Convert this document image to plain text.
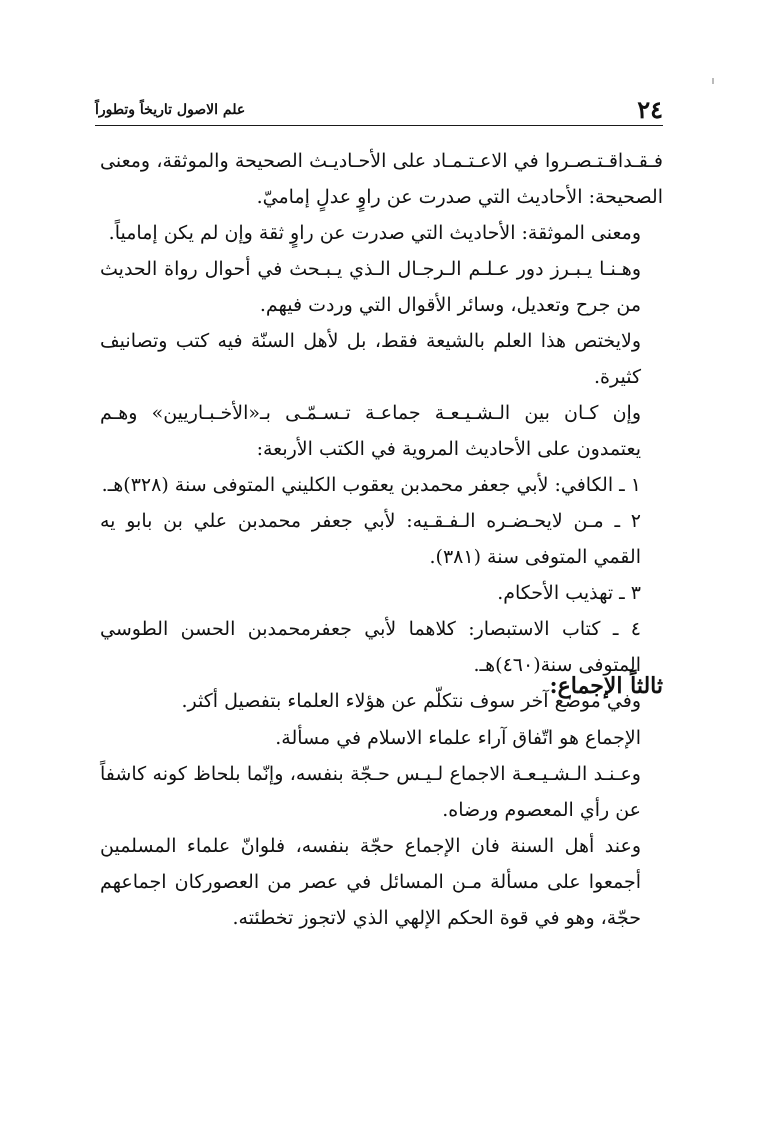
٢٤
علم الاصول تاريخاً وتطوراً

فـقـداقـتـصـروا في الاعـتـمـاد على الأحـاديـث الصحيحة والموثقة، ومعنى الصحيحة: الأحاديث التي صدرت عن راوٍ عدلٍ إماميّ.

ومعنى الموثقة: الأحاديث التي صدرت عن راوٍ ثقة وإن لم يكن إمامياً.

وهـنـا يـبـرز دور عـلـم الـرجـال الـذي يـبـحث في أحوال رواة الحديث من جرح وتعديل، وسائر الأقوال التي وردت فيهم.

ولايختص هذا العلم بالشيعة فقط، بل لأهل السنّة فيه كتب وتصانيف كثيرة.

وإن كـان بين الـشـيـعـة جماعـة تـسـمّـى بـ«الأخـبـاريين» وهـم يعتمدون على الأحاديث المروية في الكتب الأربعة:

١ ـ الكافي: لأبي جعفر محمدبن يعقوب الكليني المتوفى سنة (٣٢٨)هـ.

٢ ـ مـن لايحـضـره الـفـقـيه: لأبي جعفر محمدبن علي بن بابو يه القمي المتوفى سنة (٣٨١).

٣ ـ تهذيب الأحكام.

٤ ـ كتاب الاستبصار: كلاهما لأبي جعفرمحمدبن الحسن الطوسي المتوفى سنة(٤٦٠)هـ.

وفي موضع آخر سوف نتكلّم عن هؤلاء العلماء بتفصيل أكثر.

ثالثاً الإجماع:

الإجماع هو اتّفاق آراء علماء الاسلام في مسألة.

وعـنـد الـشـيـعـة الاجماع لـيـس حـجّة بنفسه، وإنّما بلحاظ كونه كاشفاً عن رأي المعصوم ورضاه.

وعند أهل السنة فان الإجماع حجّة بنفسه، فلوانّ علماء المسلمين أجمعوا على مسألة مـن المسائل في عصر من العصوركان اجماعهم حجّة، وهو في قوة الحكم الإلهي الذي لاتجوز تخطئته.
